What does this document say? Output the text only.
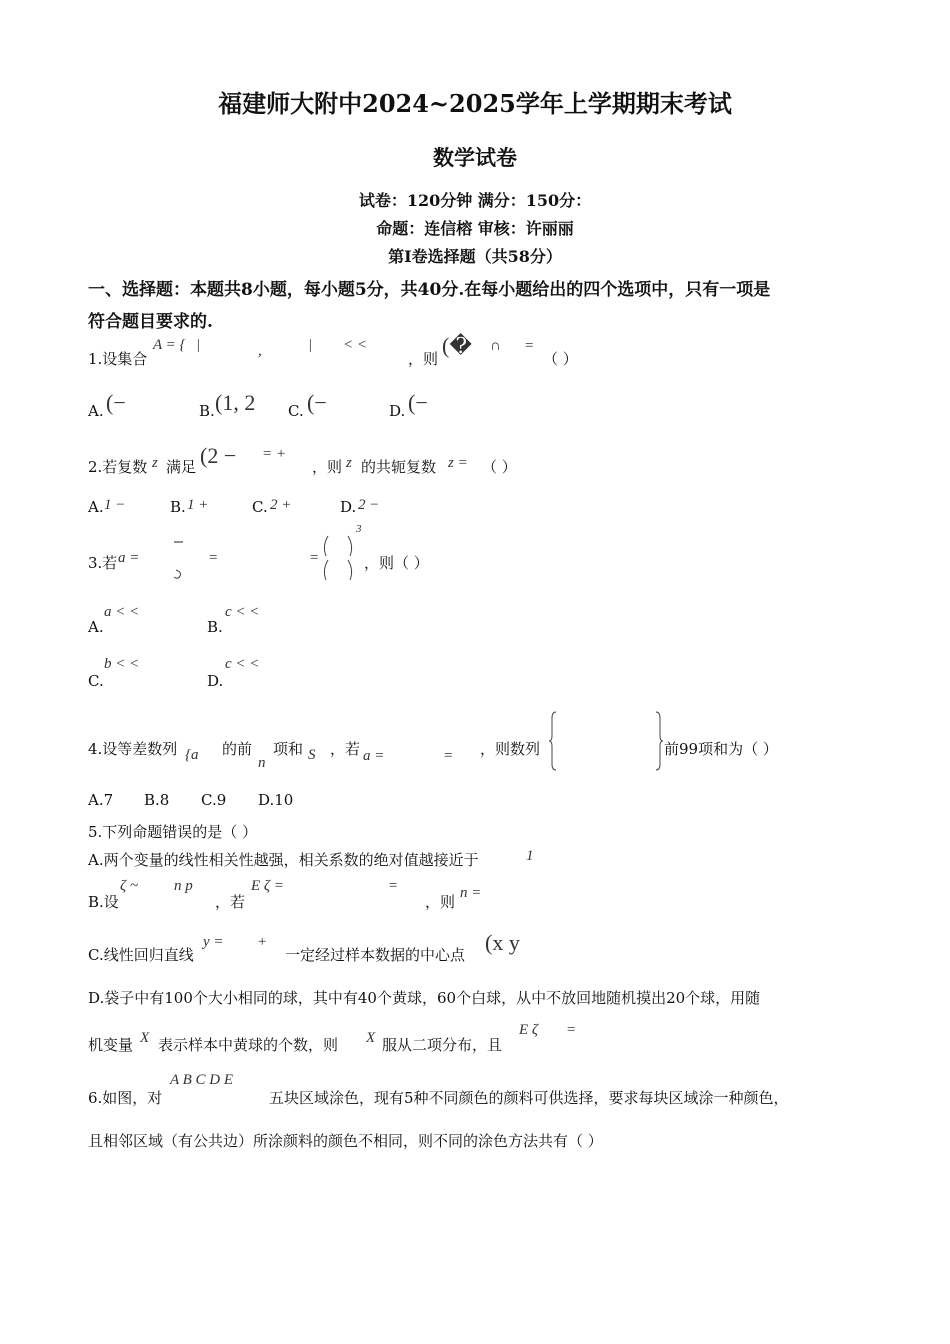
福建师大附中2024~2025学年上学期期末考试
数学试卷
试卷：120分钟 满分：150分：
命题：连信榕 审核：许丽丽
第I卷选择题（共58分）
一、选择题：本题共8小题，每小题5分，共40分.在每小题给出的四个选项中，只有一项是
符合题目要求的.
1.设集合
A = { |	,	| < <
，则
(� ∩ =
（ ）
A. (−	B. (1, 2 C. (−	D. (−
2.若复数 z 满足 (2 − = +
，则 z 的共轭复数 z = （ ）
A. 1 −	B. 1 +	C. 2 +	D. 2 −
3.若 a =	=	=
3
，则（ ）
A.
a < <
B.
c < <
C.
b < <
D.
c < <
4.设等差数列 {a 的前
n
项和 S ，若 a =	= ，则数列	前99项和为（ ）
A.7 B.8 C.9 D.10
5.下列命题错误的是（ ）
A.两个变量的线性相关性越强，相关系数的绝对值越接近于	1
B.设
ζ ~ n p
，若
E ζ =	=
，则 n =
C.线性回归直线
y = +
一定经过样本数据的中心点 (x y
D.袋子中有100个大小相同的球，其中有40个黄球，60个白球，从中不放回地随机摸出20个球，用随
机变量 X 表示样本中黄球的个数，则 X 服从二项分布，且
E ζ =
6.如图，对
A B C D E
五块区域涂色，现有5种不同颜色的颜料可供选择，要求每块区域涂一种颜色，
且相邻区域（有公共边）所涂颜料的颜色不相同，则不同的涂色方法共有（ ）
